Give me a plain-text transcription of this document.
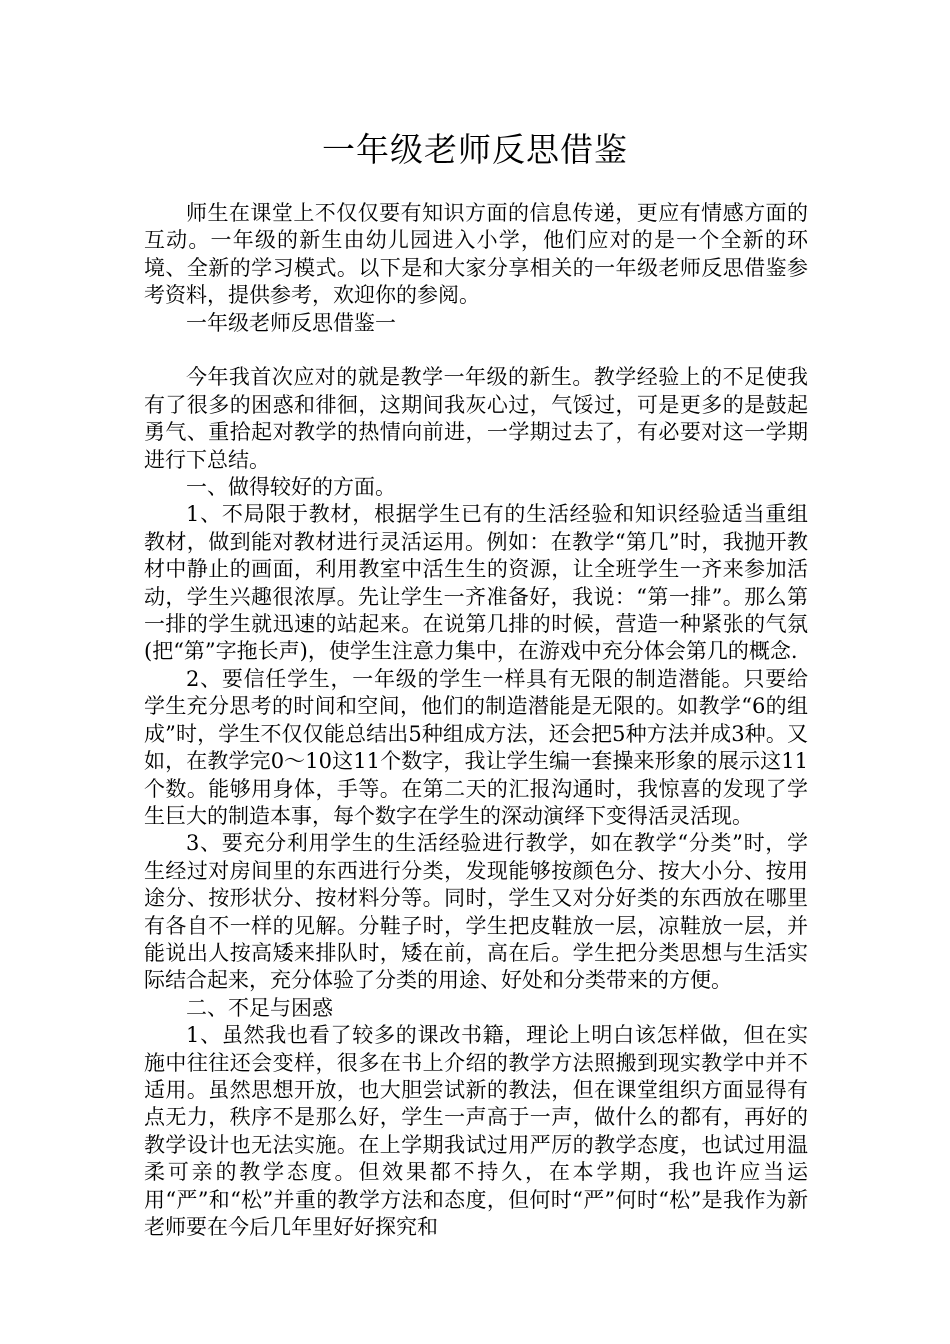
一年级老师反思借鉴

师生在课堂上不仅仅要有知识方面的信息传递，更应有情感方面的互动。一年级的新生由幼儿园进入小学，他们应对的是一个全新的环境、全新的学习模式。以下是和大家分享相关的一年级老师反思借鉴参考资料，提供参考，欢迎你的参阅。

一年级老师反思借鉴一

今年我首次应对的就是教学一年级的新生。教学经验上的不足使我有了很多的困惑和徘徊，这期间我灰心过，气馁过，可是更多的是鼓起勇气、重拾起对教学的热情向前进，一学期过去了，有必要对这一学期进行下总结。

一、做得较好的方面。

1、不局限于教材，根据学生已有的生活经验和知识经验适当重组教材，做到能对教材进行灵活运用。例如：在教学“第几”时，我抛开教材中静止的画面，利用教室中活生生的资源，让全班学生一齐来参加活动，学生兴趣很浓厚。先让学生一齐准备好，我说：“第一排”。那么第一排的学生就迅速的站起来。在说第几排的时候，营造一种紧张的气氛(把“第”字拖长声)，使学生注意力集中，在游戏中充分体会第几的概念.

2、要信任学生，一年级的学生一样具有无限的制造潜能。只要给学生充分思考的时间和空间，他们的制造潜能是无限的。如教学“6的组成”时，学生不仅仅能总结出5种组成方法，还会把5种方法并成3种。又如，在教学完0～10这11个数字，我让学生编一套操来形象的展示这11个数。能够用身体，手等。在第二天的汇报沟通时，我惊喜的发现了学生巨大的制造本事，每个数字在学生的深动演绎下变得活灵活现。

3、要充分利用学生的生活经验进行教学，如在教学“分类”时，学生经过对房间里的东西进行分类，发现能够按颜色分、按大小分、按用途分、按形状分、按材料分等。同时，学生又对分好类的东西放在哪里有各自不一样的见解。分鞋子时，学生把皮鞋放一层，凉鞋放一层，并能说出人按高矮来排队时，矮在前，高在后。学生把分类思想与生活实际结合起来，充分体验了分类的用途、好处和分类带来的方便。

二、不足与困惑

1、虽然我也看了较多的课改书籍，理论上明白该怎样做，但在实施中往往还会变样，很多在书上介绍的教学方法照搬到现实教学中并不适用。虽然思想开放，也大胆尝试新的教法，但在课堂组织方面显得有点无力，秩序不是那么好，学生一声高于一声，做什么的都有，再好的教学设计也无法实施。在上学期我试过用严厉的教学态度，也试过用温柔可亲的教学态度。但效果都不持久，在本学期，我也许应当运用“严”和“松”并重的教学方法和态度，但何时“严”何时“松”是我作为新老师要在今后几年里好好探究和
